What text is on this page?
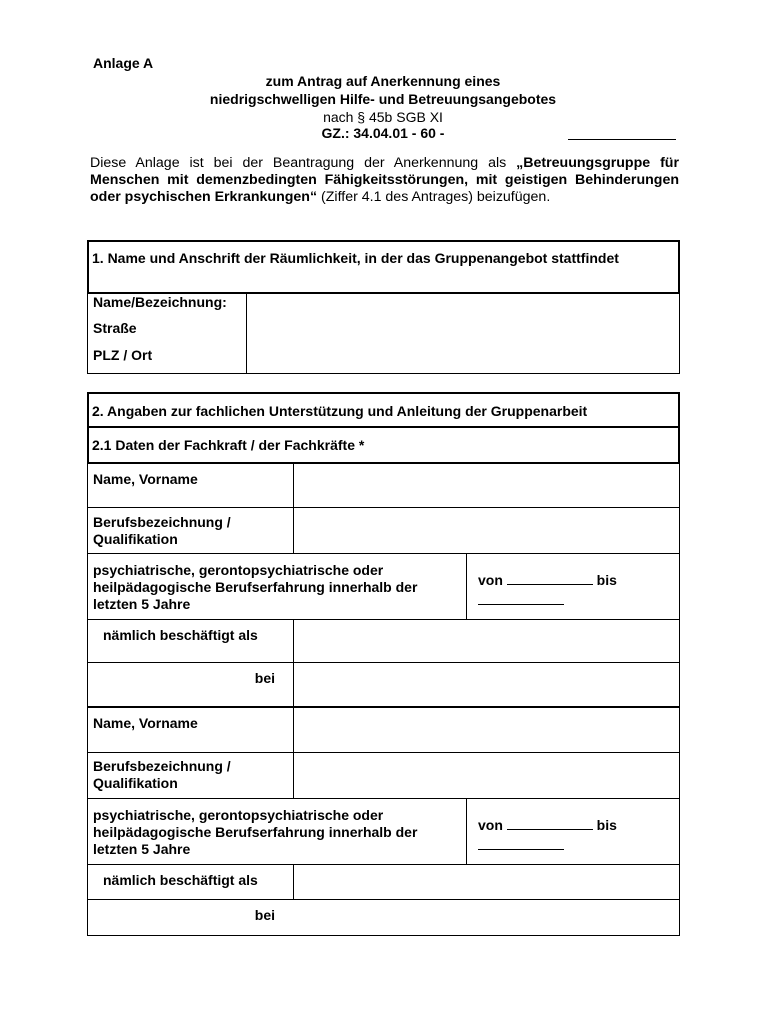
Anlage A
zum Antrag auf Anerkennung eines
niedrigschwelligen Hilfe- und Betreuungsangebotes
nach § 45b SGB XI
GZ.: 34.04.01 - 60 -
Diese Anlage ist bei der Beantragung der Anerkennung als „Betreuungsgruppe für Menschen mit demenzbedingten Fähigkeitsstörungen, mit geistigen Behinderungen oder psychischen Erkrankungen“ (Ziffer 4.1 des Antrages) beizufügen.
1. Name und Anschrift der Räumlichkeit, in der das Gruppenangebot stattfindet
Name/Bezeichnung:
Straße
PLZ / Ort
2. Angaben zur fachlichen Unterstützung und Anleitung der Gruppenarbeit
2.1 Daten der Fachkraft / der Fachkräfte *
Name, Vorname
Berufsbezeichnung / Qualifikation
psychiatrische, gerontopsychiatrische oder heilpädagogische Berufserfahrung innerhalb der letzten 5 Jahre
von	bis

nämlich beschäftigt als
bei
Name, Vorname
Berufsbezeichnung / Qualifikation
psychiatrische, gerontopsychiatrische oder heilpädagogische Berufserfahrung innerhalb der letzten 5 Jahre
von	bis

nämlich beschäftigt als
bei
